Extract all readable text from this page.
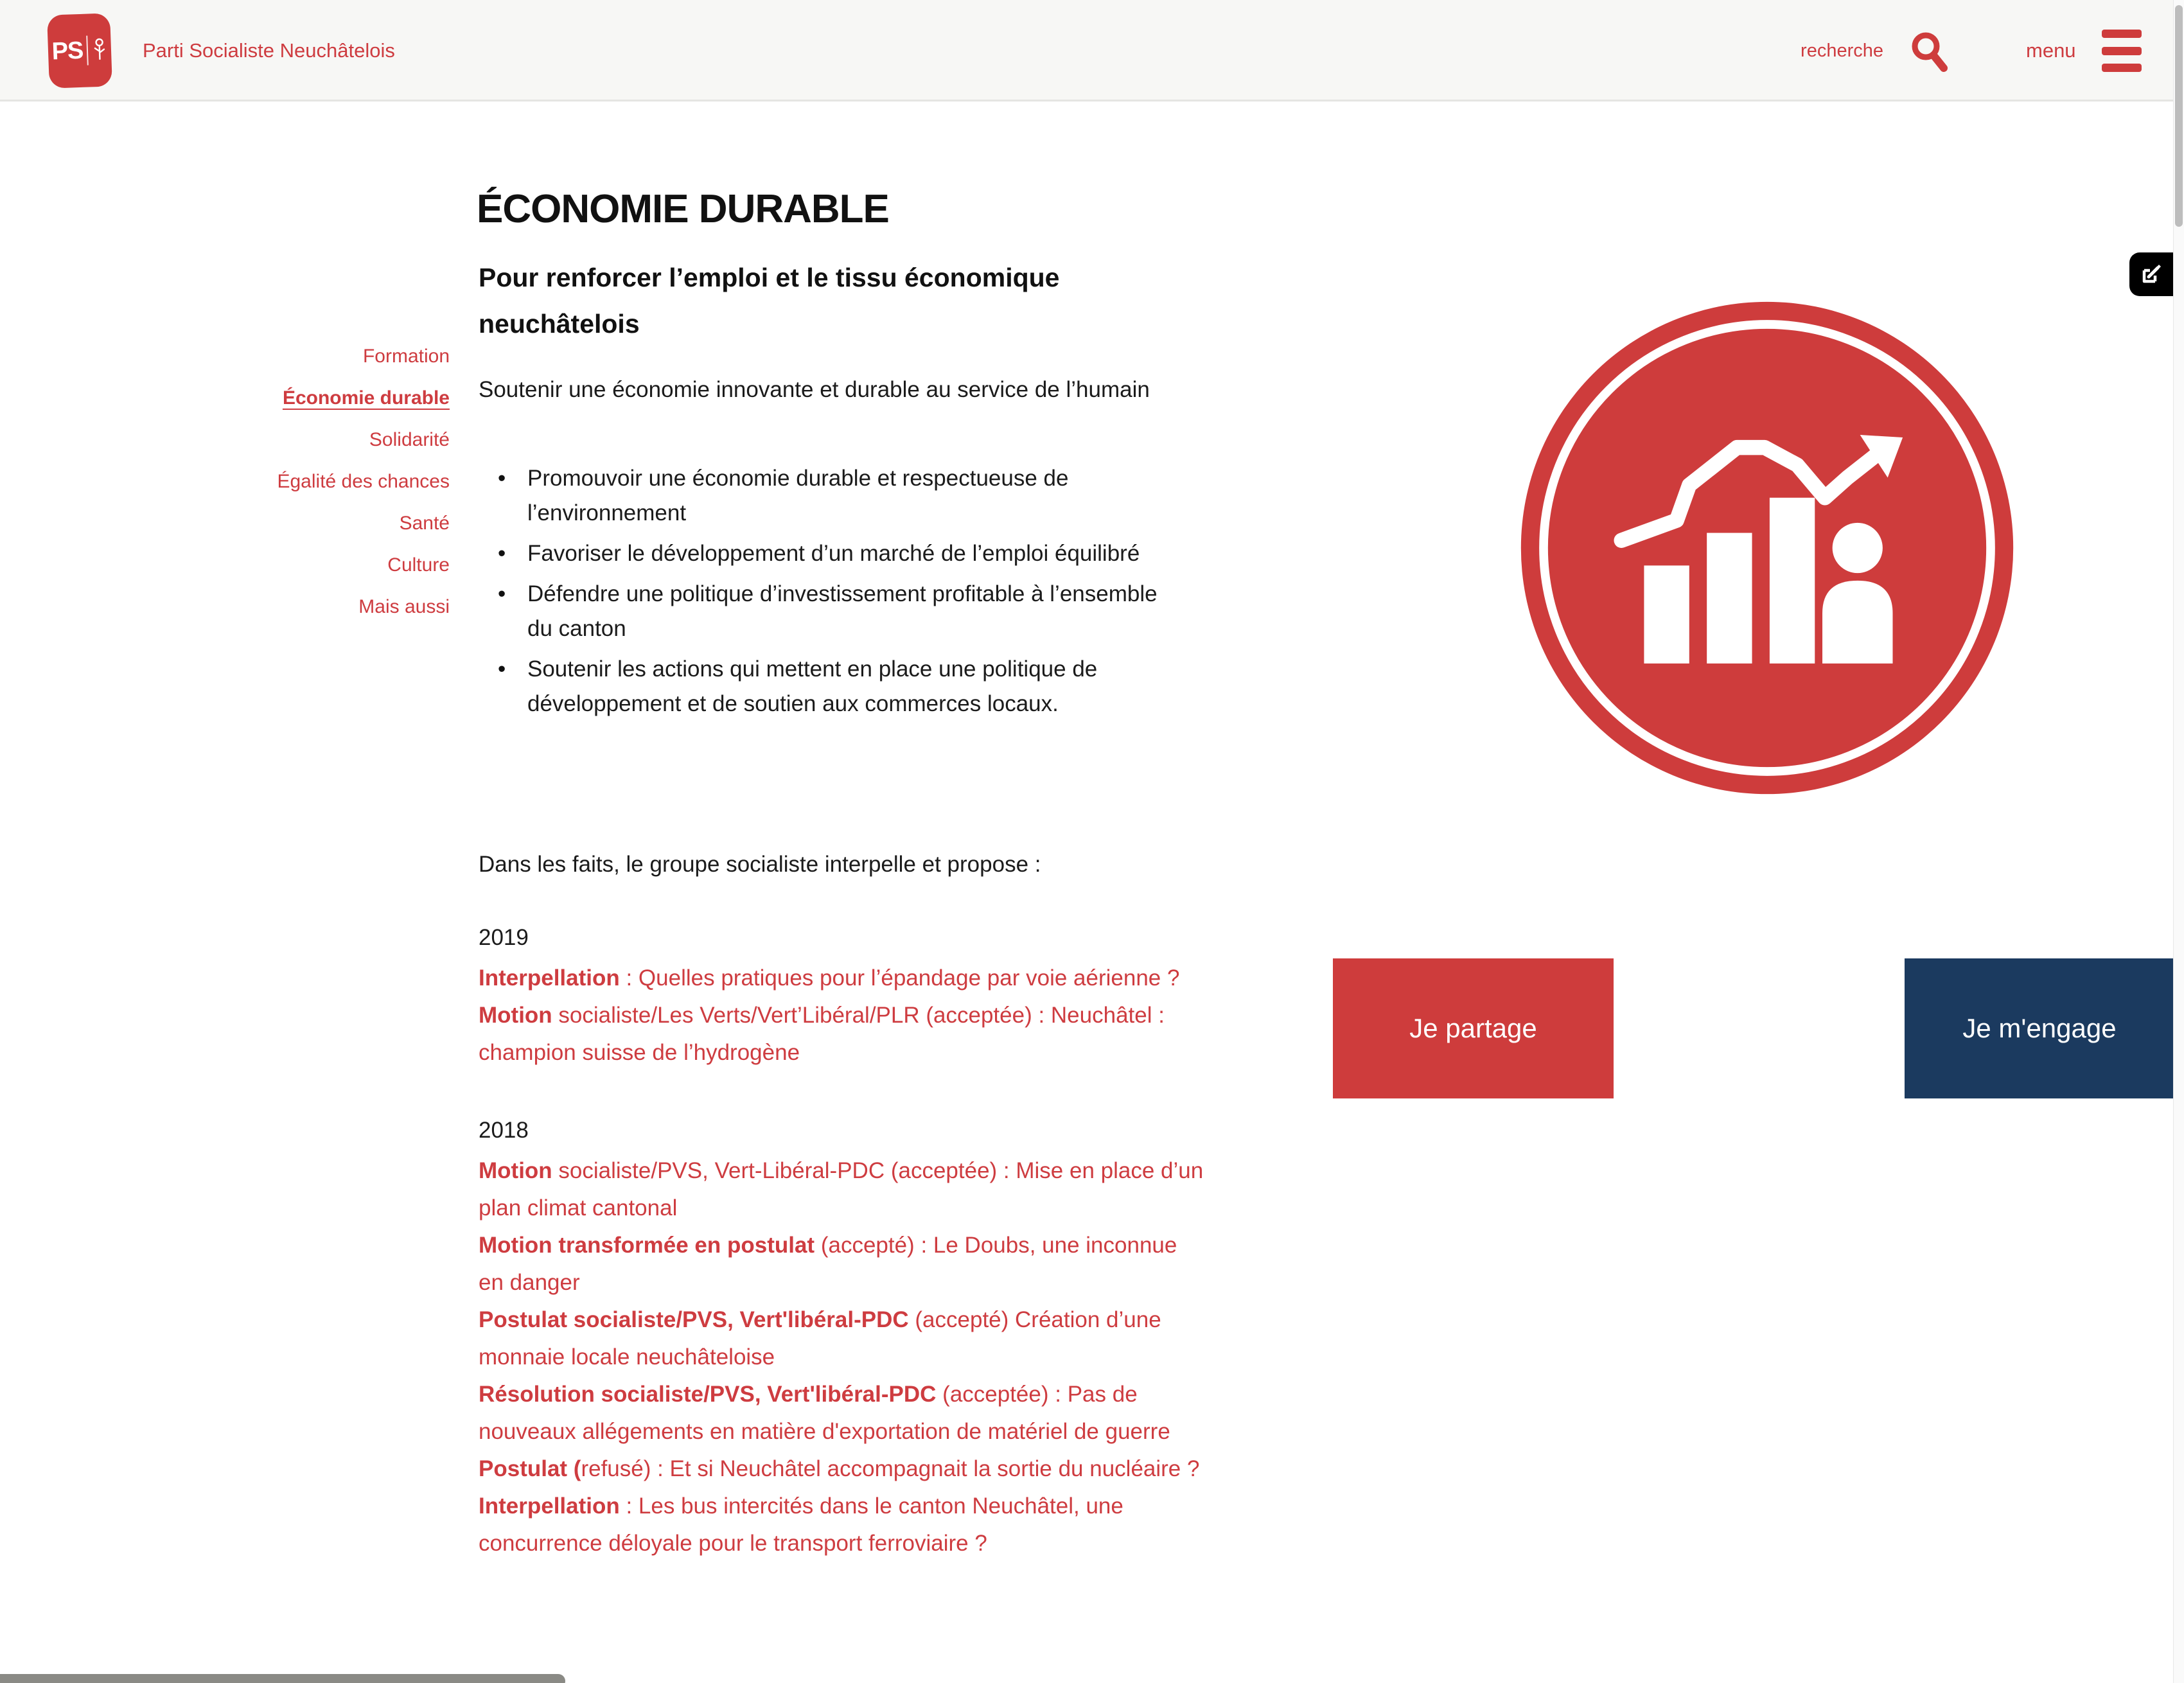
PS	Parti Socialiste Neuchâtelois	recherche	menu
Formation
Économie durable
Solidarité
Égalité des chances
Santé
Culture
Mais aussi
ÉCONOMIE DURABLE
Pour renforcer l’emploi et le tissu économique neuchâtelois

Soutenir une économie innovante et durable au service de l’humain

• Promouvoir une économie durable et respectueuse de l’environnement
• Favoriser le développement d’un marché de l’emploi équilibré
• Défendre une politique d’investissement profitable à l’ensemble du canton
• Soutenir les actions qui mettent en place une politique de développement et de soutien aux commerces locaux.

Dans les faits, le groupe socialiste interpelle et propose :

2019

Interpellation : Quelles pratiques pour l’épandage par voie aérienne ?

Motion socialiste/Les Verts/Vert’Libéral/PLR (acceptée) : Neuchâtel : champion suisse de l’hydrogène

2018

Motion socialiste/PVS, Vert-Libéral-PDC (acceptée) : Mise en place d’un plan climat cantonal

Motion transformée en postulat (accepté) : Le Doubs, une inconnue en danger

Postulat socialiste/PVS, Vert'libéral-PDC (accepté) Création d’une monnaie locale neuchâteloise

Résolution socialiste/PVS, Vert'libéral-PDC (acceptée) : Pas de nouveaux allégements en matière d'exportation de matériel de guerre

Postulat (refusé) : Et si Neuchâtel accompagnait la sortie du nucléaire ?

Interpellation : Les bus intercités dans le canton Neuchâtel, une concurrence déloyale pour le transport ferroviaire ?

Je partage	Je m'engage
